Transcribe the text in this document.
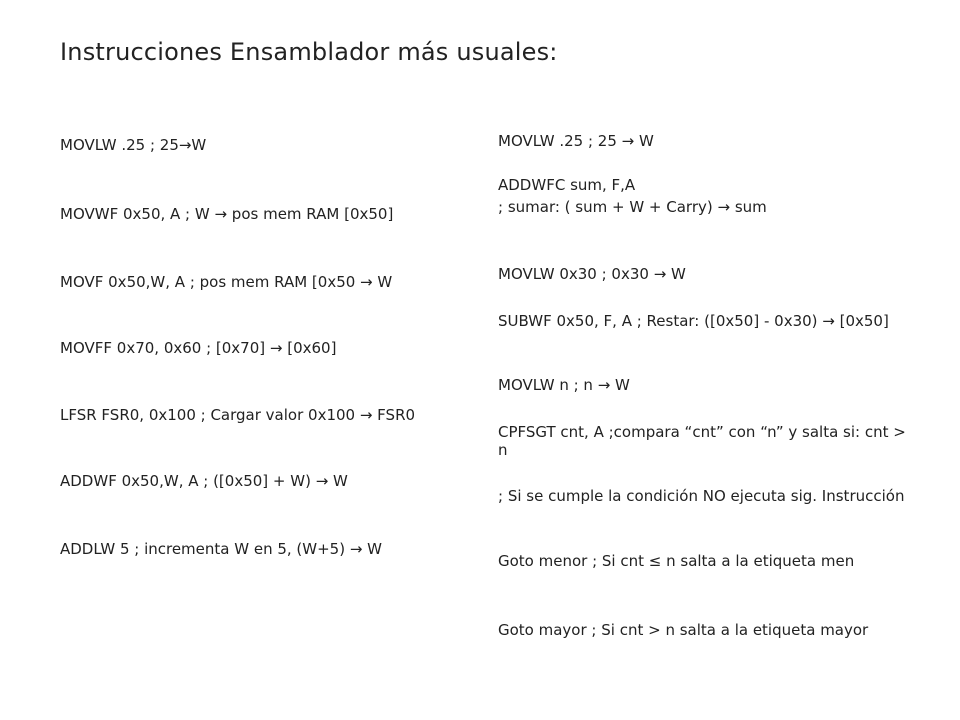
Instrucciones Ensamblador más usuales:
MOVLW .25 ; 25→W
MOVWF 0x50, A ; W → pos mem RAM [0x50]
MOVF 0x50,W, A ; pos mem RAM [0x50 → W
MOVFF 0x70, 0x60 ; [0x70] → [0x60]
LFSR FSR0, 0x100 ; Cargar valor 0x100 → FSR0
ADDWF 0x50,W, A ; ([0x50] + W) → W
ADDLW 5 ; incrementa W en 5, (W+5) → W
MOVLW .25 ; 25 → W
ADDWFC sum, F,A
; sumar: ( sum + W + Carry) → sum
MOVLW 0x30 ; 0x30 → W
SUBWF 0x50, F, A ; Restar: ([0x50] - 0x30) → [0x50]
MOVLW n ; n → W
CPFSGT cnt, A ;compara “cnt” con “n” y salta si: cnt > n
; Si se cumple la condición NO ejecuta sig. Instrucción
Goto menor ; Si cnt ≤ n salta a la etiqueta men
Goto mayor ; Si cnt > n salta a la etiqueta mayor
